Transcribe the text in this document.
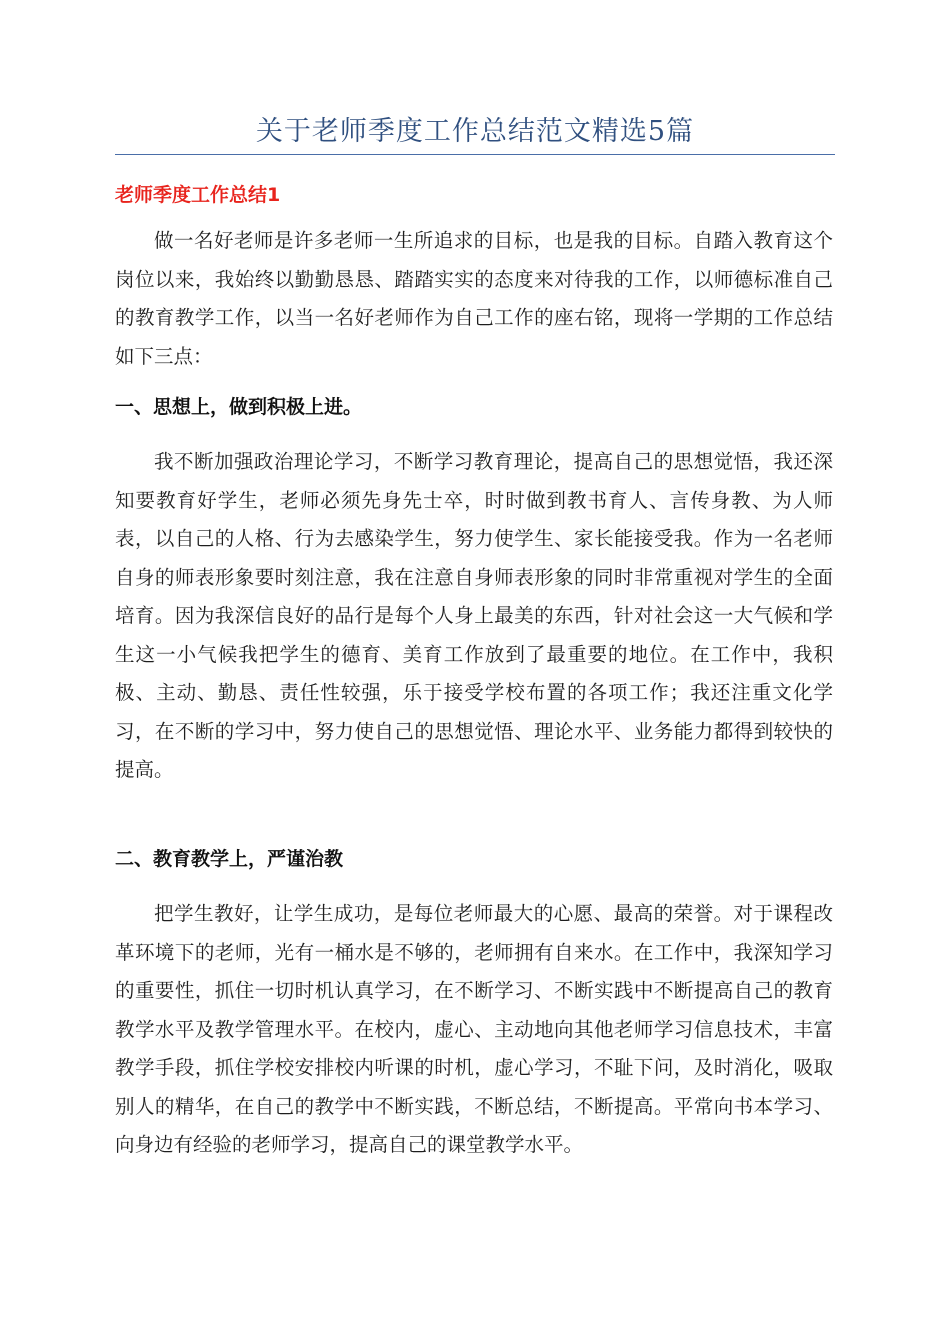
关于老师季度工作总结范文精选5篇
老师季度工作总结1

做一名好老师是许多老师一生所追求的目标，也是我的目标。自踏入教育这个岗位以来，我始终以勤勤恳恳、踏踏实实的态度来对待我的工作，以师德标准自己的教育教学工作，以当一名好老师作为自己工作的座右铭，现将一学期的工作总结如下三点：

一、思想上，做到积极上进。

我不断加强政治理论学习，不断学习教育理论，提高自己的思想觉悟，我还深知要教育好学生，老师必须先身先士卒，时时做到教书育人、言传身教、为人师表，以自己的人格、行为去感染学生，努力使学生、家长能接受我。作为一名老师自身的师表形象要时刻注意，我在注意自身师表形象的同时非常重视对学生的全面培育。因为我深信良好的品行是每个人身上最美的东西，针对社会这一大气候和学生这一小气候我把学生的德育、美育工作放到了最重要的地位。在工作中，我积极、主动、勤恳、责任性较强，乐于接受学校布置的各项工作；我还注重文化学习，在不断的学习中，努力使自己的思想觉悟、理论水平、业务能力都得到较快的提高。

二、教育教学上，严谨治教

把学生教好，让学生成功，是每位老师最大的心愿、最高的荣誉。对于课程改革环境下的老师，光有一桶水是不够的，老师拥有自来水。在工作中，我深知学习的重要性，抓住一切时机认真学习，在不断学习、不断实践中不断提高自己的教育教学水平及教学管理水平。在校内，虚心、主动地向其他老师学习信息技术，丰富教学手段，抓住学校安排校内听课的时机，虚心学习，不耻下问，及时消化，吸取别人的精华，在自己的教学中不断实践，不断总结，不断提高。平常向书本学习、向身边有经验的老师学习，提高自己的课堂教学水平。
